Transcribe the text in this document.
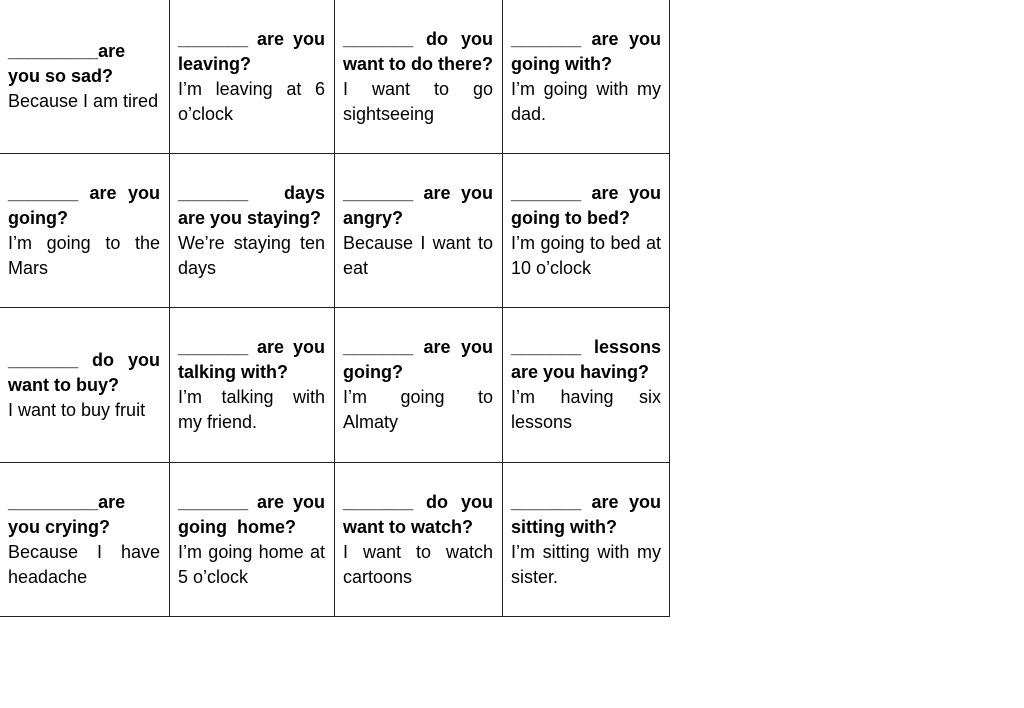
_________are you so sad?
Because I am tired
_______ are you leaving?
I’m leaving at 6 o’clock
_______ do you want to do there?
I want to go sightseeing
_______ are you going with?
I’m going with my dad.
_______ are you going?
I’m going to the Mars
_______ days are you staying?
We’re staying ten days
_______ are you angry?
Because I want to eat
_______ are you going to bed?
I’m going to bed at 10 o’clock
_______ do you want to buy?
I want to buy fruit
_______ are you talking with?
I’m talking with my friend.
_______ are you going?
I’m going to Almaty
_______ lessons are you having?
I’m having six lessons
_________are you crying?
Because I have headache
_______ are you going  home?
I’m going home at 5 o’clock
_______ do you want to watch?
I want to watch cartoons
_______ are you sitting with?
I’m sitting with my sister.
